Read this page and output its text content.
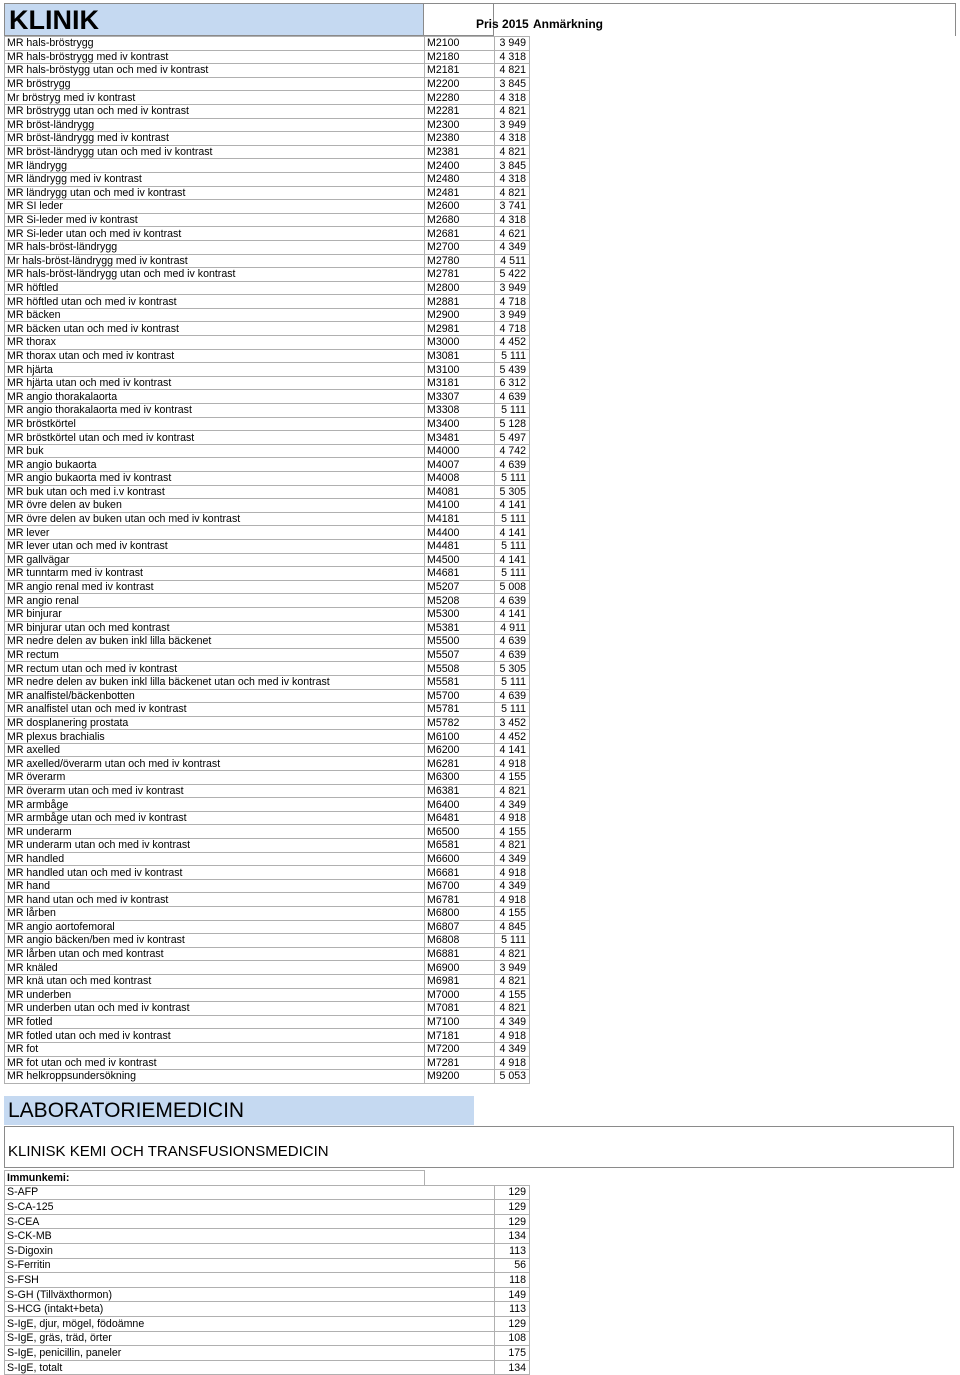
KLINIK	Pris 2015 Anmärkning
MR hals-bröstrygg	M2100	3 949	
MR hals-bröstrygg med iv kontrast	M2180	4 318	
MR hals-bröstygg utan och med iv kontrast	M2181	4 821	
MR bröstrygg	M2200	3 845	
Mr bröstryg med iv kontrast	M2280	4 318	
MR bröstrygg utan och med iv kontrast	M2281	4 821	
MR bröst-ländrygg	M2300	3 949	
MR bröst-ländrygg med iv kontrast	M2380	4 318	
MR bröst-ländrygg utan och med iv kontrast	M2381	4 821	
MR ländrygg	M2400	3 845	
MR ländrygg med iv kontrast	M2480	4 318	
MR ländrygg utan och med iv kontrast	M2481	4 821	
MR SI leder	M2600	3 741	
MR Si-leder med iv kontrast	M2680	4 318	
MR Si-leder utan och med iv kontrast	M2681	4 621	
MR hals-bröst-ländrygg	M2700	4 349	
Mr hals-bröst-ländrygg med iv kontrast	M2780	4 511	
MR hals-bröst-ländrygg utan och med iv kontrast	M2781	5 422	
MR höftled	M2800	3 949	
MR höftled utan och med iv kontrast	M2881	4 718	
MR bäcken	M2900	3 949	
MR bäcken utan och med iv kontrast	M2981	4 718	
MR thorax	M3000	4 452	
MR thorax utan och med iv kontrast	M3081	5 111	
MR hjärta	M3100	5 439	
MR hjärta utan och med iv kontrast	M3181	6 312	
MR angio thorakalaorta	M3307	4 639	
MR angio thorakalaorta med iv kontrast	M3308	5 111	
MR bröstkörtel	M3400	5 128	
MR bröstkörtel utan och med iv kontrast	M3481	5 497	
MR buk	M4000	4 742	
MR angio bukaorta	M4007	4 639	
MR angio bukaorta med iv kontrast	M4008	5 111	
MR buk utan och med i.v kontrast	M4081	5 305	
MR övre delen av buken	M4100	4 141	
MR övre delen av buken utan och med iv kontrast	M4181	5 111	
MR lever	M4400	4 141	
MR lever utan och med iv kontrast	M4481	5 111	
MR gallvägar	M4500	4 141	
MR tunntarm med iv kontrast	M4681	5 111	
MR angio renal med iv kontrast	M5207	5 008	
MR angio renal	M5208	4 639	
MR binjurar	M5300	4 141	
MR binjurar utan och med kontrast	M5381	4 911	
MR nedre delen av buken inkl lilla bäckenet	M5500	4 639	
MR rectum	M5507	4 639	
MR rectum utan och med iv kontrast	M5508	5 305	
MR nedre delen av buken inkl lilla bäckenet utan och med iv kontrast	M5581	5 111	
MR analfistel/bäckenbotten	M5700	4 639	
MR analfistel utan och med iv kontrast	M5781	5 111	
MR dosplanering prostata	M5782	3 452	
MR plexus brachialis	M6100	4 452	
MR axelled	M6200	4 141	
MR axelled/överarm utan och med iv kontrast	M6281	4 918	
MR överarm	M6300	4 155	
MR överarm utan och med iv kontrast	M6381	4 821	
MR armbåge	M6400	4 349	
MR armbåge utan och med iv kontrast	M6481	4 918	
MR underarm	M6500	4 155	
MR underarm utan och med iv kontrast	M6581	4 821	
MR handled	M6600	4 349	
MR handled utan och med iv kontrast	M6681	4 918	
MR hand	M6700	4 349	
MR hand utan och med iv kontrast	M6781	4 918	
MR lårben	M6800	4 155	
MR angio aortofemoral	M6807	4 845	
MR angio bäcken/ben med iv kontrast	M6808	5 111	
MR lårben utan och med kontrast	M6881	4 821	
MR knäled	M6900	3 949	
MR knä utan och med kontrast	M6981	4 821	
MR underben	M7000	4 155	
MR underben utan och med iv kontrast	M7081	4 821	
MR fotled	M7100	4 349	
MR fotled utan och med iv kontrast	M7181	4 918	
MR fot	M7200	4 349	
MR fot utan och med iv kontrast	M7281	4 918	
MR helkroppsundersökning	M9200	5 053	
LABORATORIEMEDICIN
KLINISK KEMI OCH TRANSFUSIONSMEDICIN
Immunkemi:			
S-AFP		129	
S-CA-125		129	
S-CEA		129	
S-CK-MB		134	
S-Digoxin		113	
S-Ferritin		56	
S-FSH		118	
S-GH (Tillväxthormon)		149	
S-HCG (intakt+beta)		113	
S-IgE, djur, mögel, födoämne		129	
S-IgE, gräs, träd, örter		108	
S-IgE, penicillin, paneler		175	
S-IgE, totalt		134	
